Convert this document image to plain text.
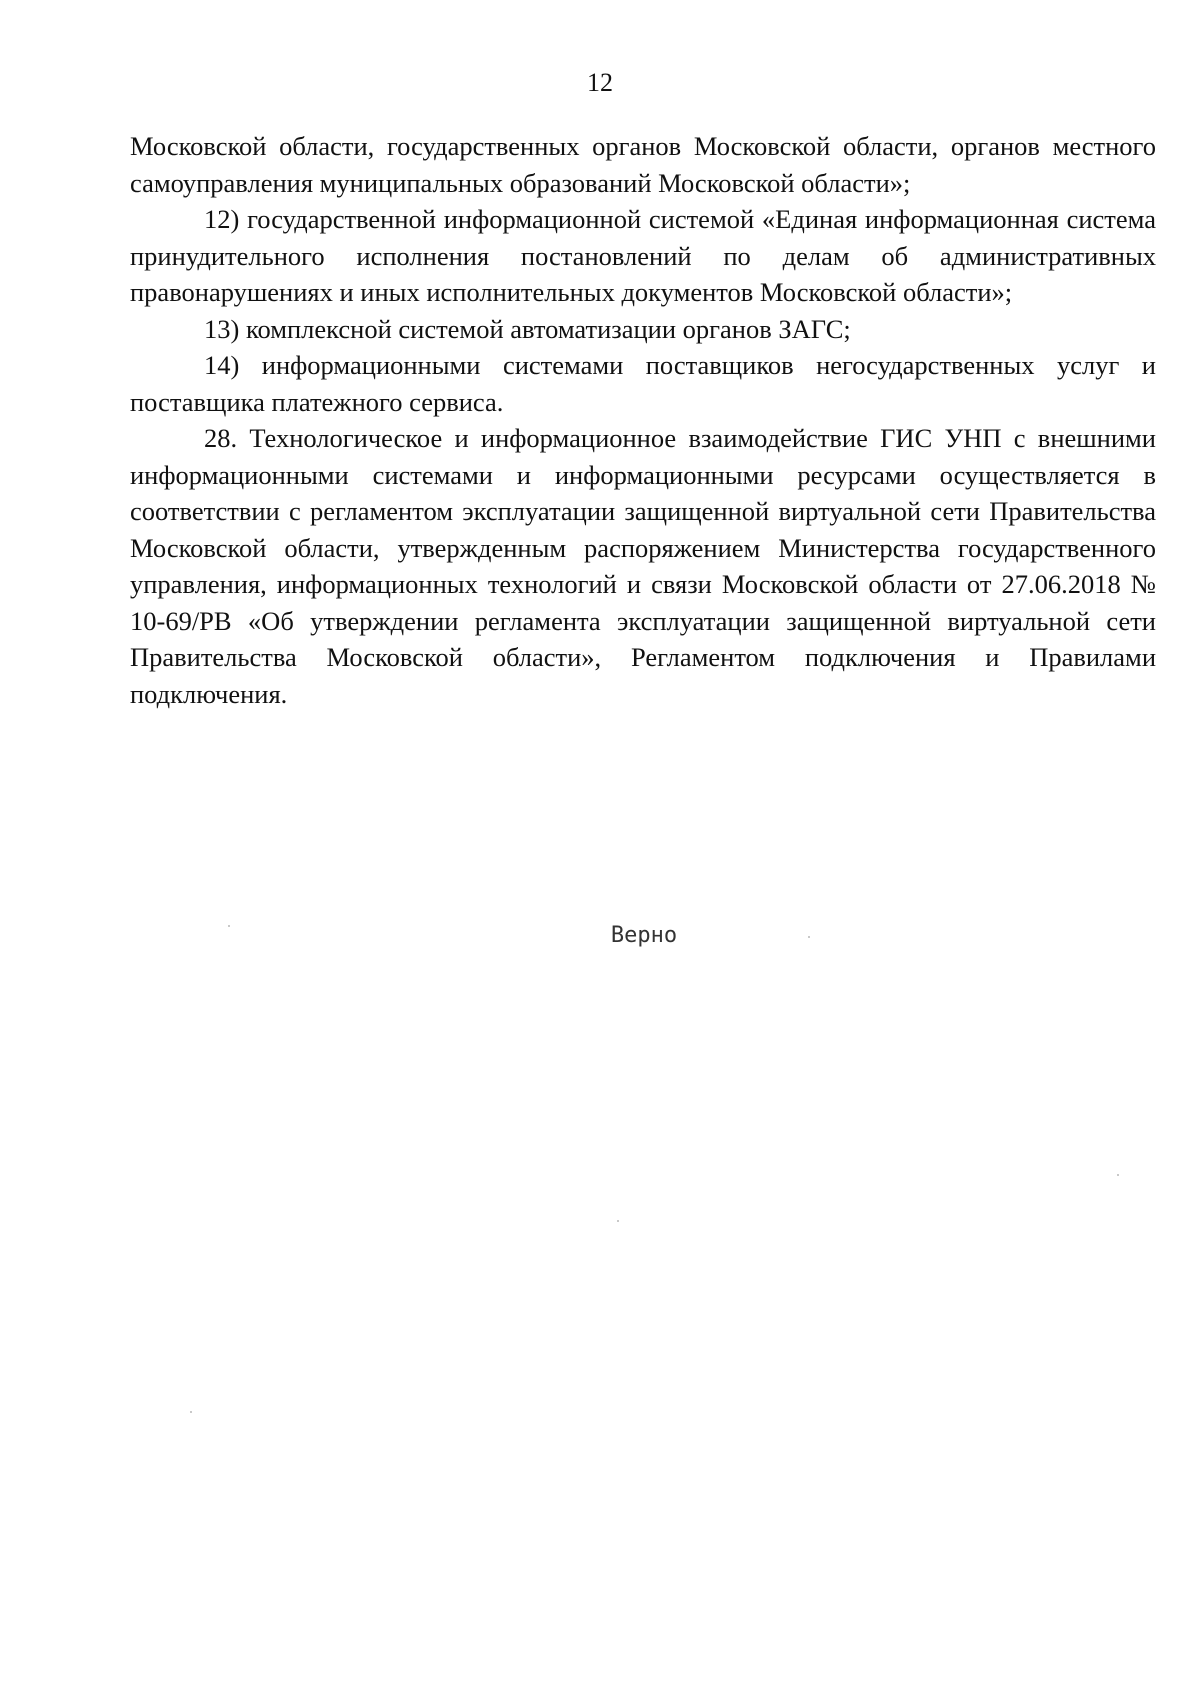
12

Московской области, государственных органов Московской области, органов местного самоуправления муниципальных образований Московской области»;

12) государственной информационной системой «Единая информационная система принудительного исполнения постановлений по делам об административных правонарушениях и иных исполнительных документов Московской области»;

13) комплексной системой автоматизации органов ЗАГС;

14) информационными системами поставщиков негосударственных услуг и поставщика платежного сервиса.

28. Технологическое и информационное взаимодействие ГИС УНП с внешними информационными системами и информационными ресурсами осуществляется в соответствии с регламентом эксплуатации защищенной виртуальной сети Правительства Московской области, утвержденным распоряжением Министерства государственного управления, информационных технологий и связи Московской области от 27.06.2018 № 10-69/РВ «Об утверждении регламента эксплуатации защищенной виртуальной сети Правительства Московской области», Регламентом подключения и Правилами подключения.

Верно
